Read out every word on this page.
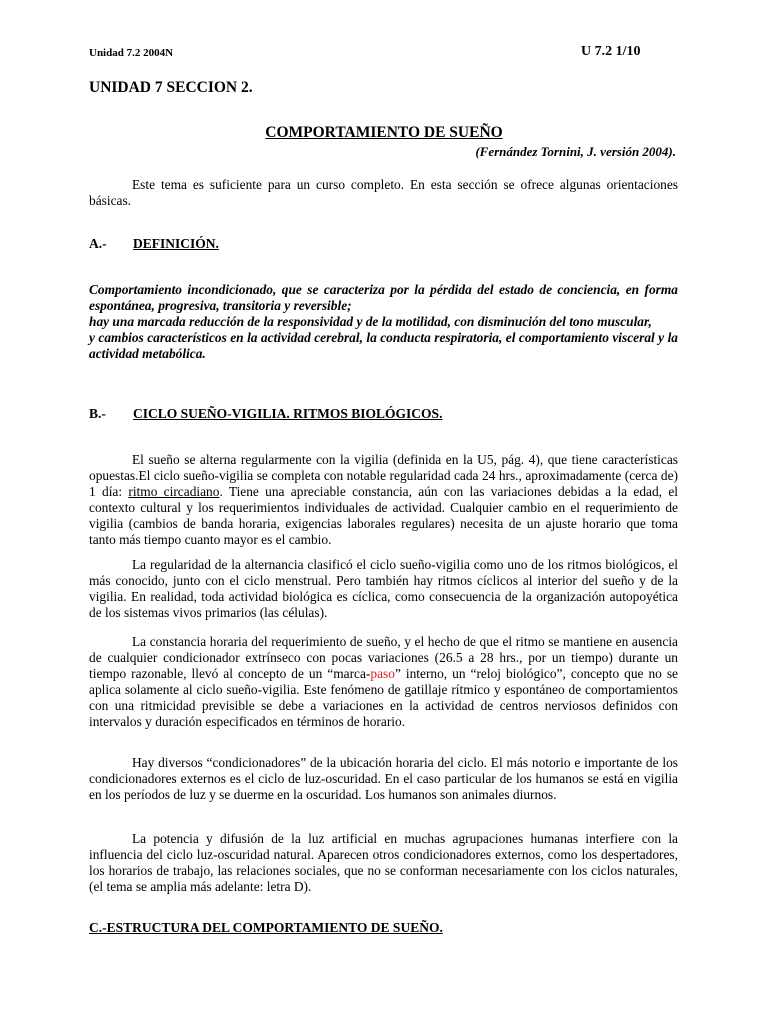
Unidad 7.2 2004N	U 7.2 1/10
UNIDAD 7 SECCION 2.
COMPORTAMIENTO DE SUEÑO
(Fernández Tornini, J. versión 2004).
Este tema es suficiente para un curso completo. En esta sección se ofrece algunas orientaciones básicas.
A.- DEFINICIÓN.

Comportamiento incondicionado, que se caracteriza por la pérdida del estado de conciencia, en forma espontánea, progresiva, transitoria y reversible;

hay una marcada reducción de la responsividad y de la motilidad, con disminución del tono muscular,

y cambios característicos en la actividad cerebral, la conducta respiratoria, el comportamiento visceral y la actividad metabólica.

B.- CICLO SUEÑO-VIGILIA. RITMOS BIOLÓGICOS.
El sueño se alterna regularmente con la vigilia (definida en la U5, pág. 4), que tiene características opuestas.El ciclo sueño-vigilia se completa con notable regularidad cada 24 hrs., aproximadamente (cerca de) 1 día: ritmo circadiano. Tiene una apreciable constancia, aún con las variaciones debidas a la edad, el contexto cultural y los requerimientos individuales de actividad. Cualquier cambio en el requerimiento de vigilia (cambios de banda horaria, exigencias laborales regulares) necesita de un ajuste horario que toma tanto más tiempo cuanto mayor es el cambio.
La regularidad de la alternancia clasificó el ciclo sueño-vigilia como uno de los ritmos biológicos, el más conocido, junto con el ciclo menstrual. Pero también hay ritmos cíclicos al interior del sueño y de la vigilia. En realidad, toda actividad biológica es cíclica, como consecuencia de la organización autopoyética de los sistemas vivos primarios (las células).
La constancia horaria del requerimiento de sueño, y el hecho de que el ritmo se mantiene en ausencia de cualquier condicionador extrínseco con pocas variaciones (26.5 a 28 hrs., por un tiempo) durante un tiempo razonable, llevó al concepto de un “marca-paso” interno, un “reloj biológico”, concepto que no se aplica solamente al ciclo sueño-vigilia. Este fenómeno de gatillaje rítmico y espontáneo de comportamientos con una ritmicidad previsible se debe a variaciones en la actividad de centros nerviosos definidos con intervalos y duración especificados en términos de horario.
Hay diversos “condicionadores” de la ubicación horaria del ciclo. El más notorio e importante de los condicionadores externos es el ciclo de luz-oscuridad. En el caso particular de los humanos se está en vigilia en los períodos de luz y se duerme en la oscuridad. Los humanos son animales diurnos.
La potencia y difusión de la luz artificial en muchas agrupaciones humanas interfiere con la influencia del ciclo luz-oscuridad natural. Aparecen otros condicionadores externos, como los despertadores, los horarios de trabajo, las relaciones sociales, que no se conforman necesariamente con los ciclos naturales, (el tema se amplia más adelante: letra D).
C.-ESTRUCTURA DEL COMPORTAMIENTO DE SUEÑO.
